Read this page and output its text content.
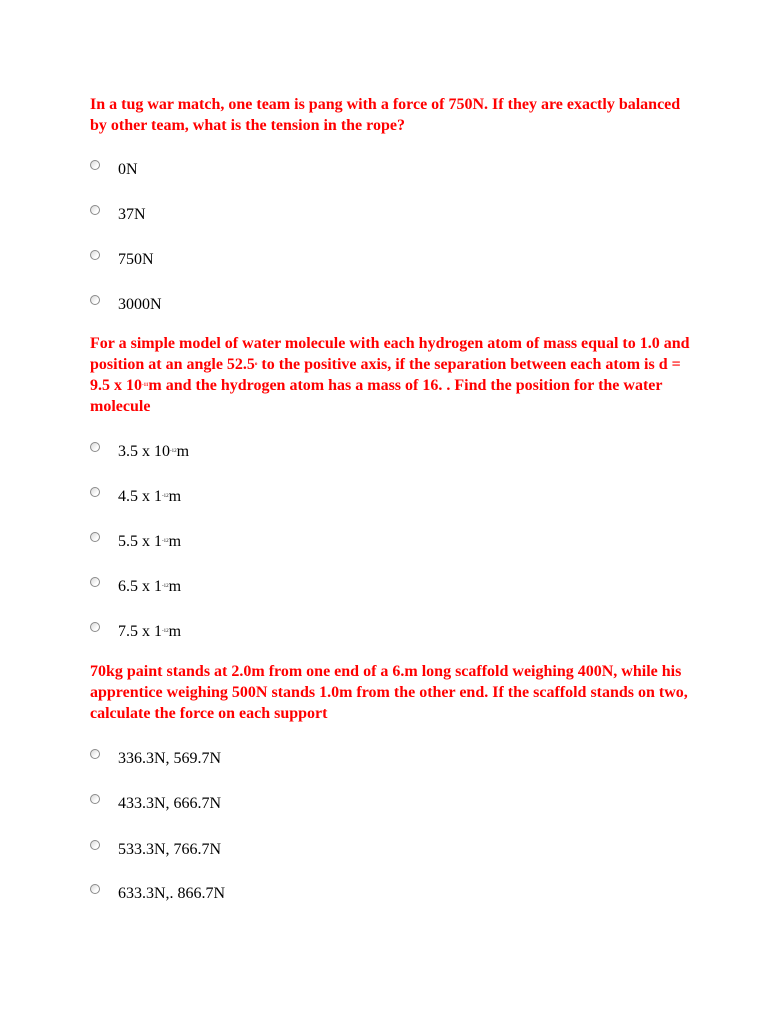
In a tug war match, one team is pang with a force of 750N. If they are exactly balanced by other team, what is the tension in the rope?
0N
37N
750N
3000N
For a simple model of water molecule with each hydrogen atom of mass equal to 1.0 and position at an angle 52.5$^o$ to the positive axis, if the separation between each atom is d = 9.5 x $10^{-11}m$ and the hydrogen atom has a mass of 16. . Find the position for the water molecule
3.5 x $10^{-12}m$
4.5 x $1^{-12}m$
5.5 x $1^{-12}m$
6.5 x $1^{-12}m$
7.5 x $1^{-12}m$
70kg paint stands at 2.0m from one end of a 6.m long scaffold weighing 400N, while his apprentice weighing 500N stands 1.0m from the other end. If the scaffold stands on two, calculate the force on each support
336.3N, 569.7N
433.3N, 666.7N
533.3N, 766.7N
633.3N,. 866.7N
